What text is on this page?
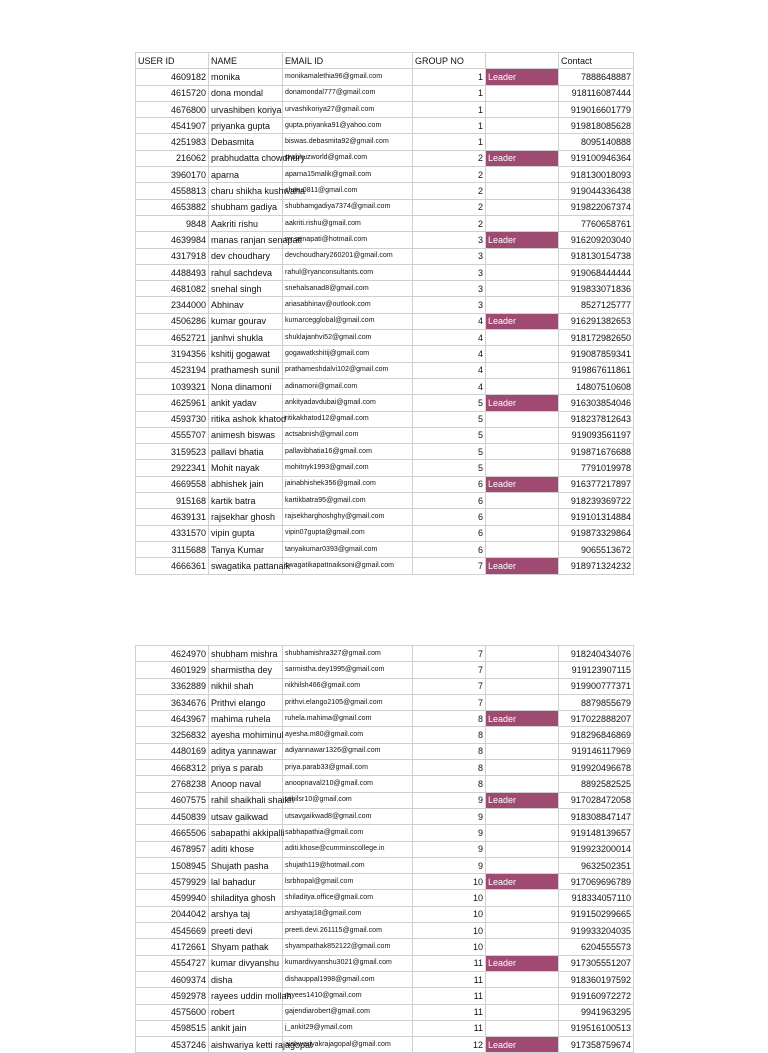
USER ID	NAME	EMAIL ID	GROUP NO		Contact
4609182	monika	monikamalethia96@gmail.com	1	Leader	7888648887
4615720	dona mondal	donamondal777@gmail.com	1		918116087444
4676800	urvashiben koriya	urvashikoriya27@gmail.com	1		919016601779
4541907	priyanka gupta	gupta.priyanka91@yahoo.com	1		919818085628
4251983	Debasmita	biswas.debasmita92@gmail.com	1		8095140888
216062	prabhudatta chowdhury	prabhuzworld@gmail.com	2	Leader	919100946364
3960170	aparna	aparna15malik@gmail.com	2		918130018093
4558813	charu shikha kushwaha	charu0811@gmail.com	2		919044336438
4653882	shubham gadiya	shubhamgadiya7374@gmail.com	2		919822067374
9848	Aakriti rishu	aakriti.rishu@gmail.com	2		7760658761
4639984	manas ranjan senapati	mr.senapati@hotmail.com	3	Leader	916209203040
4317918	dev choudhary	devchoudhary260201@gmail.com	3		918130154738
4488493	rahul sachdeva	rahul@ryanconsultants.com	3		919068444444
4681082	snehal singh	snehalsanad8@gmail.com	3		919833071836
2344000	Abhinav	ariasabhinav@outlook.com	3		8527125777
4506286	kumar gourav	kumarcegglobal@gmail.com	4	Leader	916291382653
4652721	janhvi shukla	shuklajanhvi52@gmail.com	4		918172982650
3194356	kshitij gogawat	gogawatkshitij@gmail.com	4		919087859341
4523194	prathamesh sunil	prathameshdalvi102@gmail.com	4		919867611861
1039321	Nona dinamoni	adinamoni@gmail.com	4		14807510608
4625961	ankit yadav	ankityadavdubai@gmail.com	5	Leader	916303854046
4593730	ritika ashok khatod	ritikakhatod12@gmail.com	5		918237812643
4555707	animesh biswas	actsabnish@gmail.com	5		919093561197
3159523	pallavi bhatia	pallavibhatia16@gmail.com	5		919871676688
2922341	Mohit nayak	mohitnyk1993@gmail.com	5		7791019978
4669558	abhishek jain	jainabhishek356@gmail.com	6	Leader	916377217897
915168	kartik batra	kartikbatra95@gmail.com	6		918239369722
4639131	rajsekhar ghosh	rajsekharghoshghy@gmail.com	6		919101314884
4331570	vipin gupta	vipin07gupta@gmail.com	6		919873329864
3115688	Tanya Kumar	tanyakumar0393@gmail.com	6		9065513672
4666361	swagatika pattanaik	swagatikapattnaiksoni@gmail.com	7	Leader	918971324232
4624970	shubham mishra	shubhamishra327@gmail.com	7		918240434076
4601929	sharmistha dey	sarmistha.dey1995@gmail.com	7		919123907115
3362889	nikhil shah	nikhilsh466@gmail.com	7		919900777371
3634676	Prithvi elango	prithvi.elango2105@gmail.com	7		8879855679
4643967	mahima ruhela	ruhela.mahima@gmail.com	8	Leader	917022888207
3256832	ayesha mohiminul	ayesha.m80@gmail.com	8		918296846869
4480169	aditya yannawar	adiyannawar1326@gmail.com	8		919146117969
4668312	priya s parab	priya.parab33@gmail.com	8		919920496678
2768238	Anoop naval	anoopnaval210@gmail.com	8		8892582525
4607575	rahil shaikhali shaikh	rahilsr10@gmail.com	9	Leader	917028472058
4450839	utsav gaikwad	utsavgaikwad8@gmail.com	9		918308847147
4665506	sabapathi akkipalli	sabhapathia@gmail.com	9		919148139657
4678957	aditi khose	aditi.khose@cumminscollege.in	9		919923200014
1508945	Shujath pasha	shujath119@hotmail.com	9		9632502351
4579929	lal bahadur	lsrbhopal@gmail.com	10	Leader	917069696789
4599940	shiladitya ghosh	shiladitya.office@gmail.com	10		918334057110
2044042	arshya taj	arshyataj18@gmail.com	10		919150299665
4545669	preeti devi	preeti.devi.261115@gmail.com	10		919933204035
4172661	Shyam pathak	shyampathak852122@gmail.com	10		6204555573
4554727	kumar divyanshu	kumardivyanshu3021@gmail.com	11	Leader	917305551207
4609374	disha	dishauppal1998@gmail.com	11		918360197592
4592978	rayees uddin mollah	rayees1410@gmail.com	11		919160972272
4575600	robert	gajendiarobert@gmail.com	11		9941963295
4598515	ankit jain	j_ankit29@ymail.com	11		919516100513
4537246	aishwariya ketti rajagopal	aishwariyakrajagopal@gmail.com	12	Leader	917358759674
